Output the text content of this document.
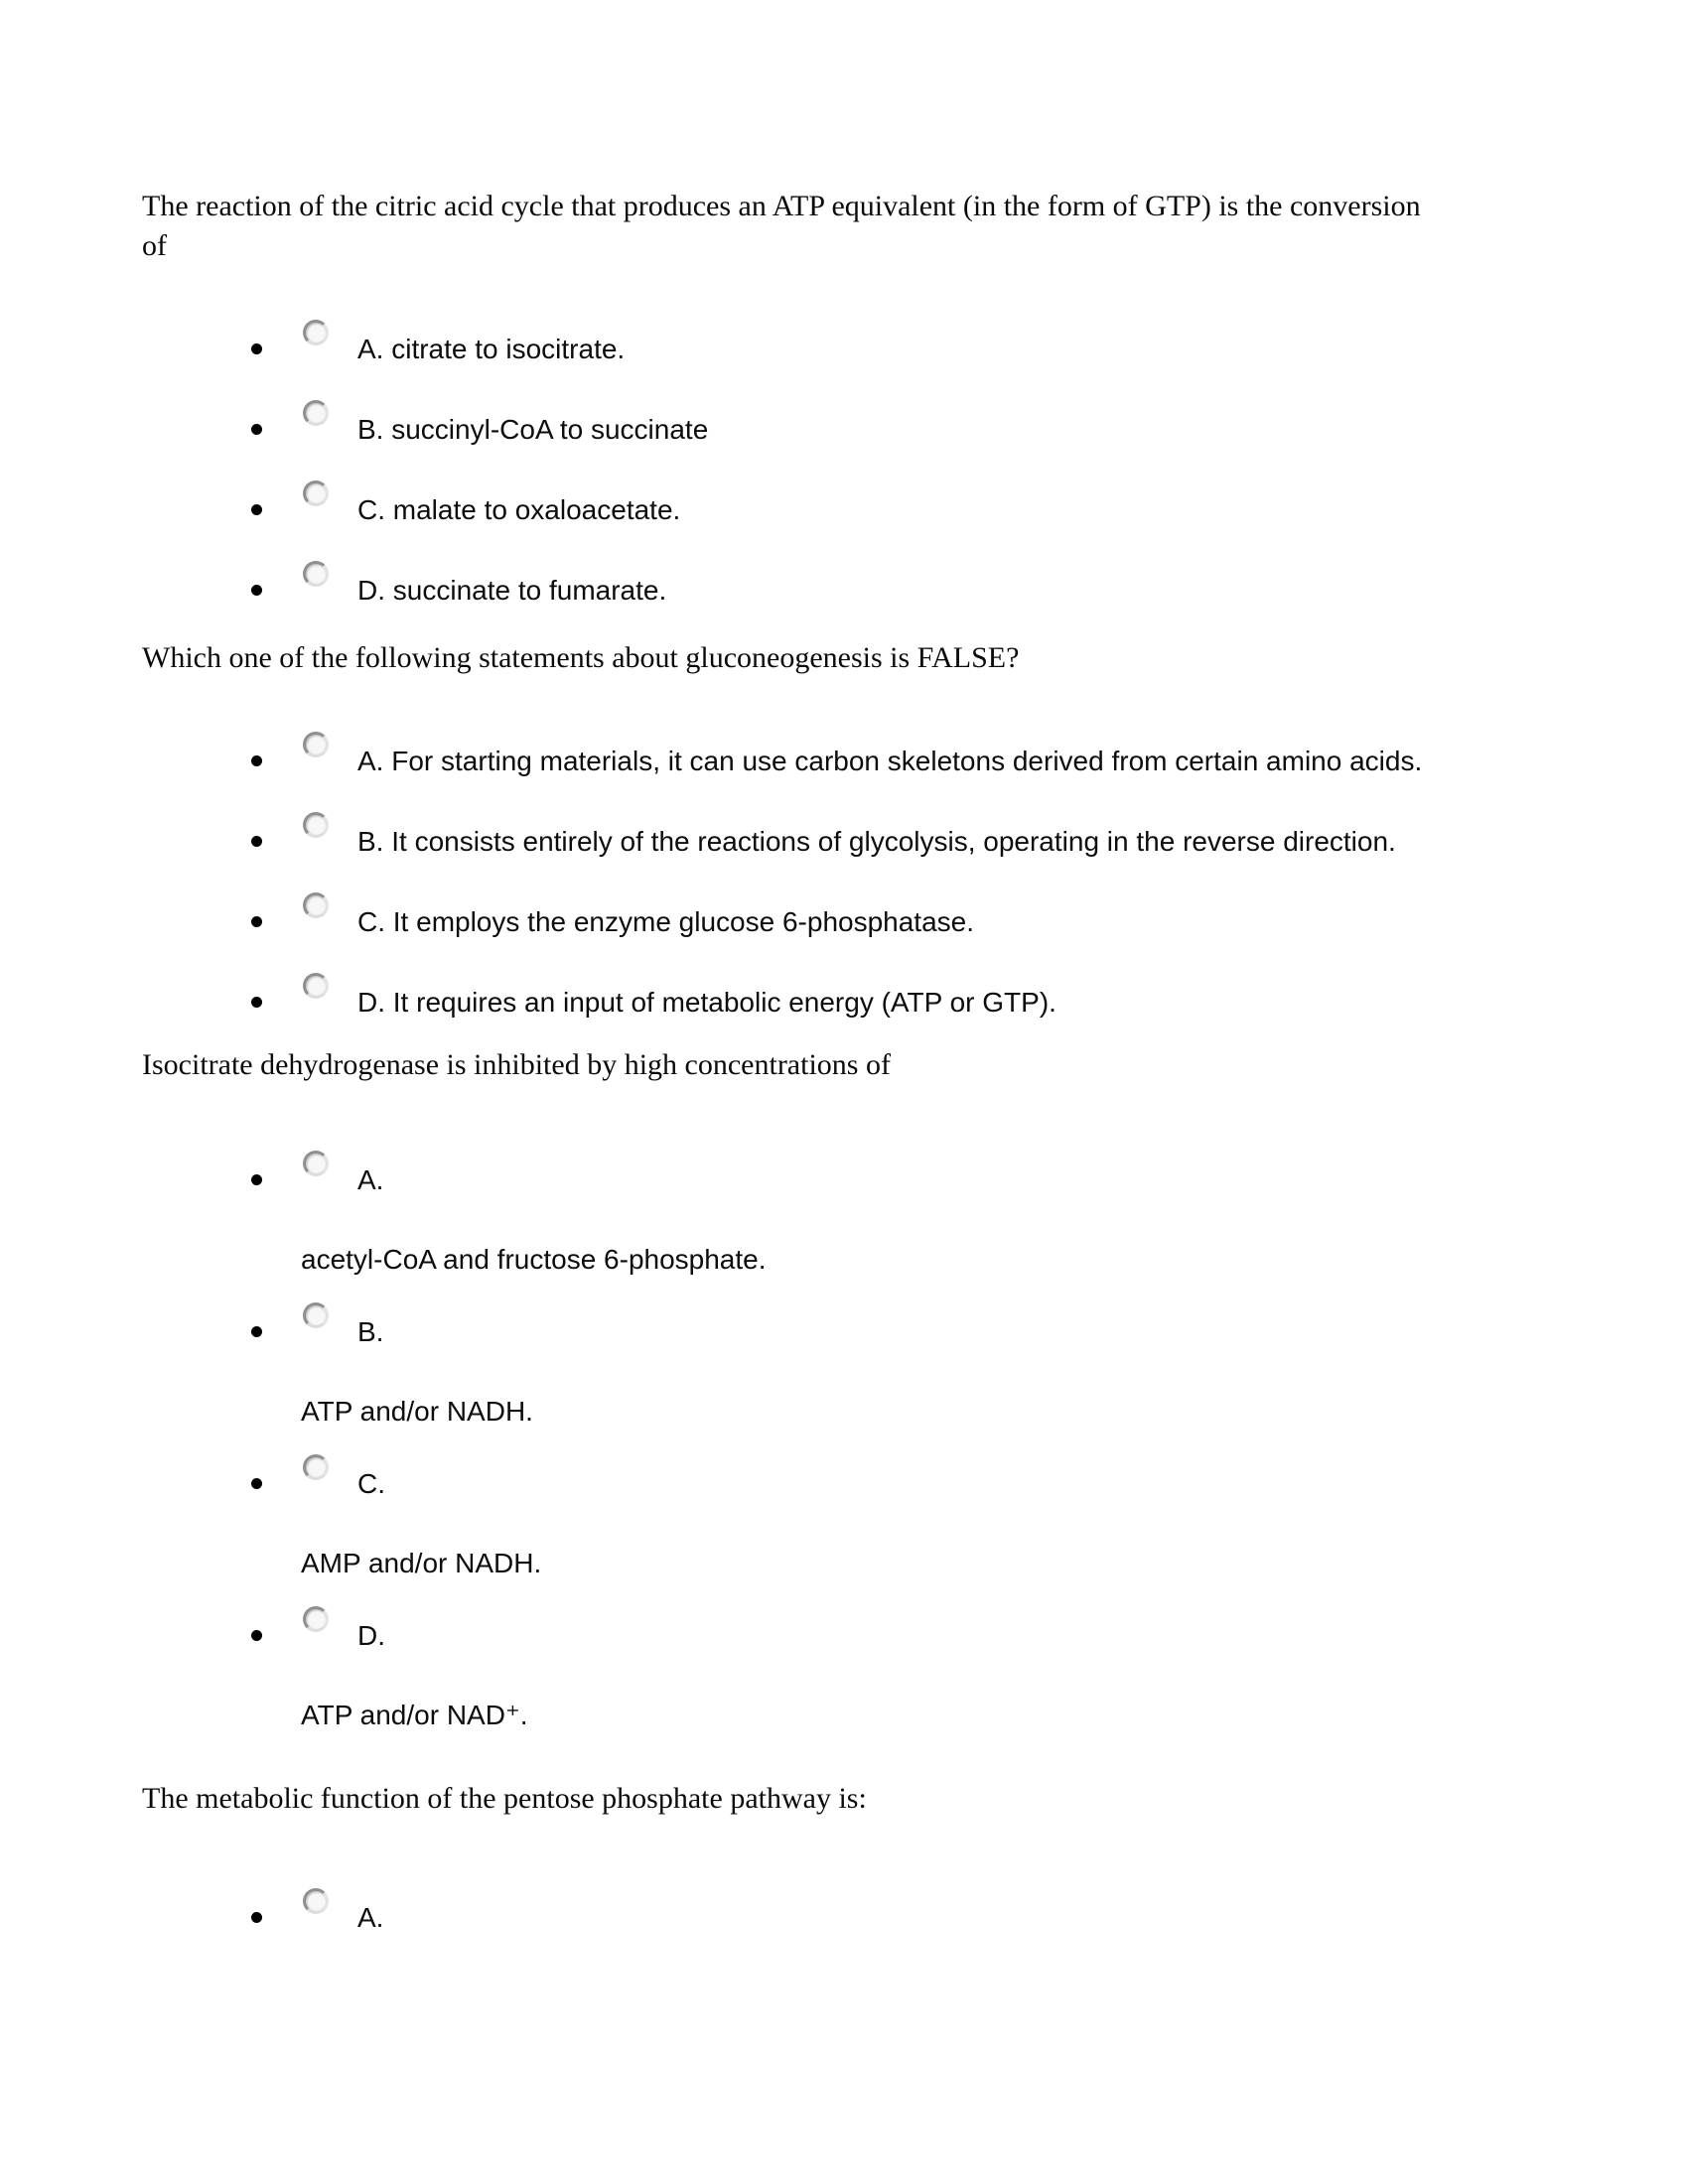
The reaction of the citric acid cycle that produces an ATP equivalent (in the form of GTP) is the conversion of

A. citrate to isocitrate.
B. succinyl-CoA to succinate
C. malate to oxaloacetate.
D. succinate to fumarate.

Which one of the following statements about gluconeogenesis is FALSE?

A. For starting materials, it can use carbon skeletons derived from certain amino acids.
B. It consists entirely of the reactions of glycolysis, operating in the reverse direction.
C. It employs the enzyme glucose 6-phosphatase.
D. It requires an input of metabolic energy (ATP or GTP).

Isocitrate dehydrogenase is inhibited by high concentrations of

A.
acetyl-CoA and fructose 6-phosphate.
B.
ATP and/or NADH.
C.
AMP and/or NADH.
D.
ATP and/or NAD⁺.

The metabolic function of the pentose phosphate pathway is:

A.
